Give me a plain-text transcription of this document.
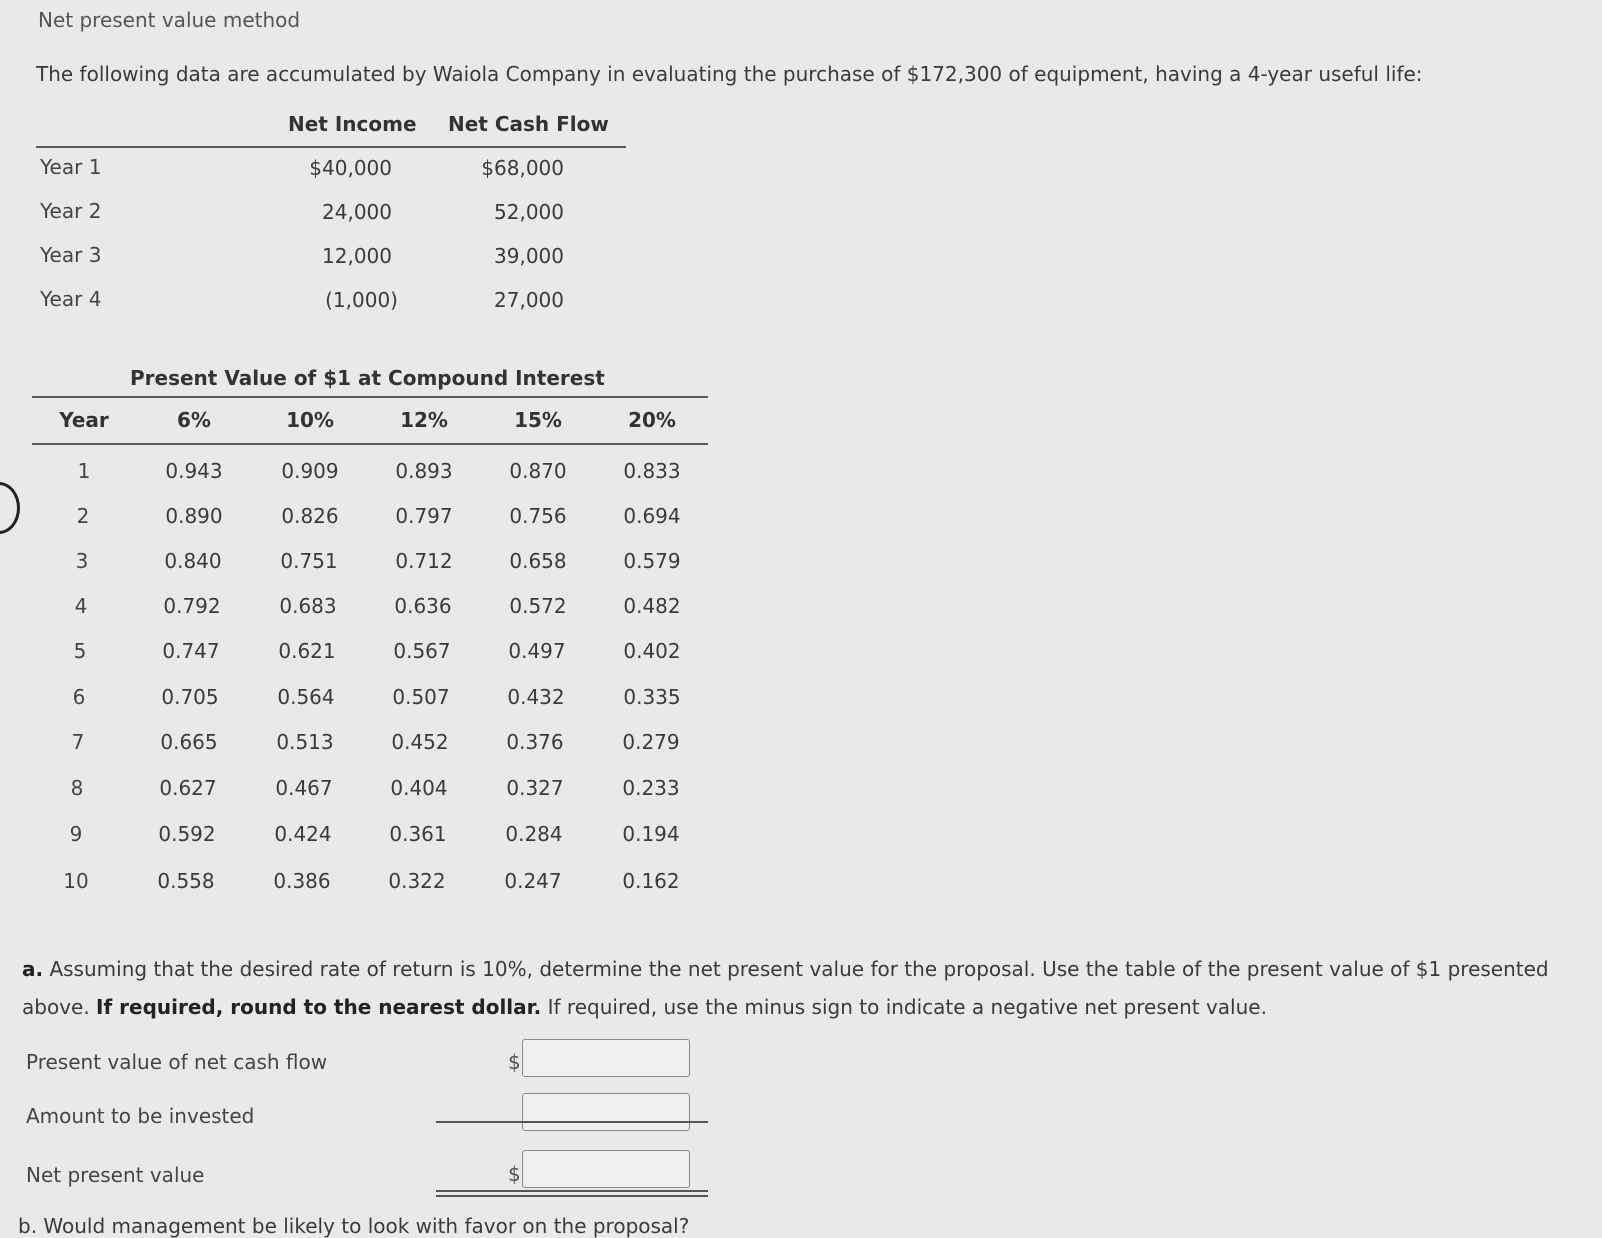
Net present value method
The following data are accumulated by Waiola Company in evaluating the purchase of $172,300 of equipment, having a 4-year useful life:
Net Income Net Cash Flow
Year 1	$40,000	$68,000
Year 2	24,000	52,000
Year 3	12,000	39,000
Year 4	(1,000)	27,000
Present Value of $1 at Compound Interest
Year	6%	10%	12%	15%	20%
1	0.943	0.909	0.893	0.870	0.833
2	0.890	0.826	0.797	0.756	0.694
3	0.840	0.751	0.712	0.658	0.579
4	0.792	0.683	0.636	0.572	0.482
5	0.747	0.621	0.567	0.497	0.402
6	0.705	0.564	0.507	0.432	0.335
7	0.665	0.513	0.452	0.376	0.279
8	0.627	0.467	0.404	0.327	0.233
9	0.592	0.424	0.361	0.284	0.194
10	0.558	0.386	0.322	0.247	0.162
a. Assuming that the desired rate of return is 10%, determine the net present value for the proposal. Use the table of the present value of $1 presented
above. If required, round to the nearest dollar. If required, use the minus sign to indicate a negative net present value.
Present value of net cash flow	$
Amount to be invested
Net present value	$
b. Would management be likely to look with favor on the proposal?
